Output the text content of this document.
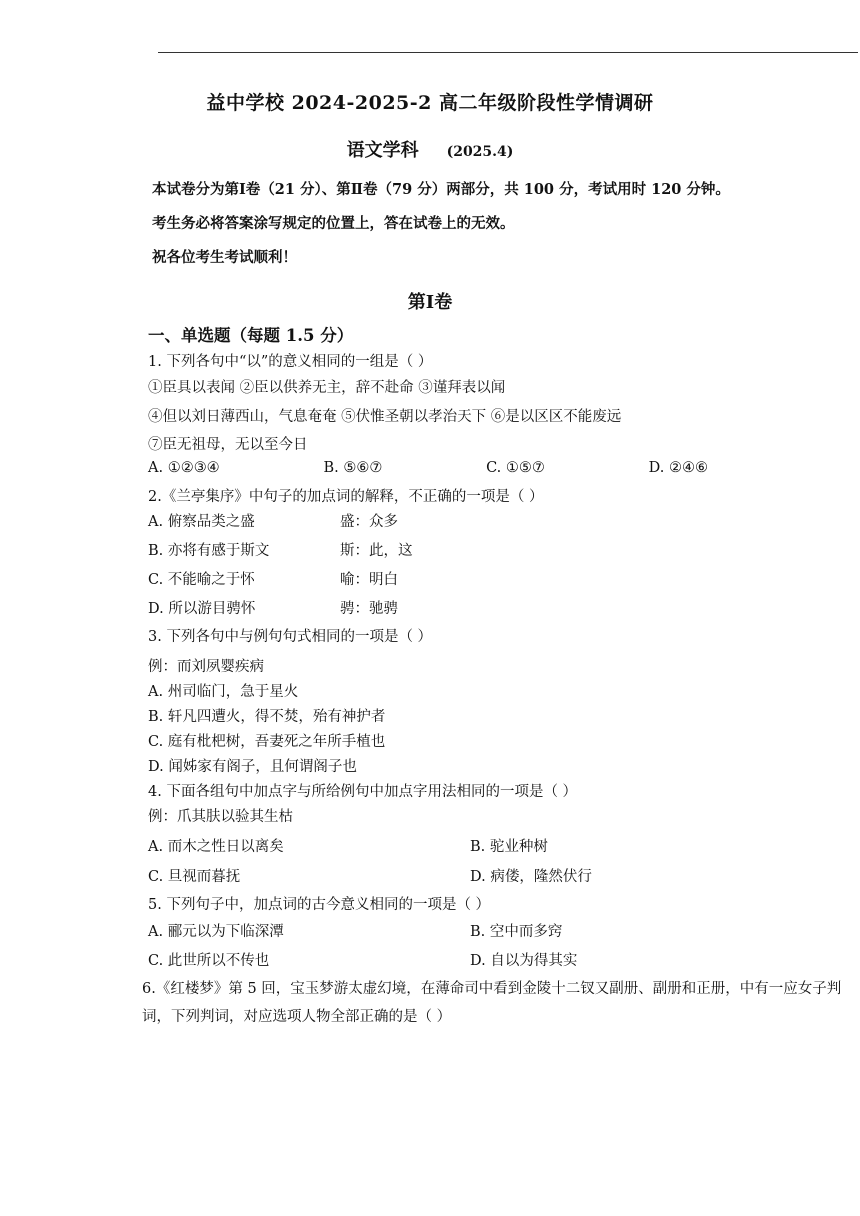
益中学校 2024-2025-2 高二年级阶段性学情调研
语文学科 (2025.4)
本试卷分为第Ⅰ卷（21 分）、第Ⅱ卷（79 分）两部分，共 100 分，考试用时 120 分钟。
考生务必将答案涂写规定的位置上，答在试卷上的无效。
祝各位考生考试顺利！
第Ⅰ卷
一、单选题（每题 1.5 分）
1. 下列各句中“以”的意义相同的一组是（ ）
①臣具以表闻 ②臣以供养无主，辞不赴命 ③谨拜表以闻
④但以刘日薄西山，气息奄奄 ⑤伏惟圣朝以孝治天下 ⑥是以区区不能废远
⑦臣无祖母，无以至今日
A. ①②③④	B. ⑤⑥⑦	C. ①⑤⑦	D. ②④⑥
2.《兰亭集序》中句子的加点词的解释，不正确的一项是（ ）
A. 俯察品类之盛	盛：众多
B. 亦将有感于斯文	斯：此，这
C. 不能喻之于怀	喻：明白
D. 所以游目骋怀	骋：驰骋
3. 下列各句中与例句句式相同的一项是（ ）
例：而刘夙婴疾病
A. 州司临门，急于星火
B. 轩凡四遭火，得不焚，殆有神护者
C. 庭有枇杷树，吾妻死之年所手植也
D. 闻姊家有阁子，且何谓阁子也
4. 下面各组句中加点字与所给例句中加点字用法相同的一项是（ ）
例：爪其肤以验其生枯
A. 而木之性日以离矣	B. 驼业种树
C. 旦视而暮抚	D. 病偻，隆然伏行
5. 下列句子中，加点词的古今意义相同的一项是（ ）
A. 郦元以为下临深潭	B. 空中而多窍
C. 此世所以不传也	D. 自以为得其实
6.《红楼梦》第 5 回，宝玉梦游太虚幻境，在薄命司中看到金陵十二钗又副册、副册和正册，中有一应女子判词，下列判词，对应选项人物全部正确的是（ ）
